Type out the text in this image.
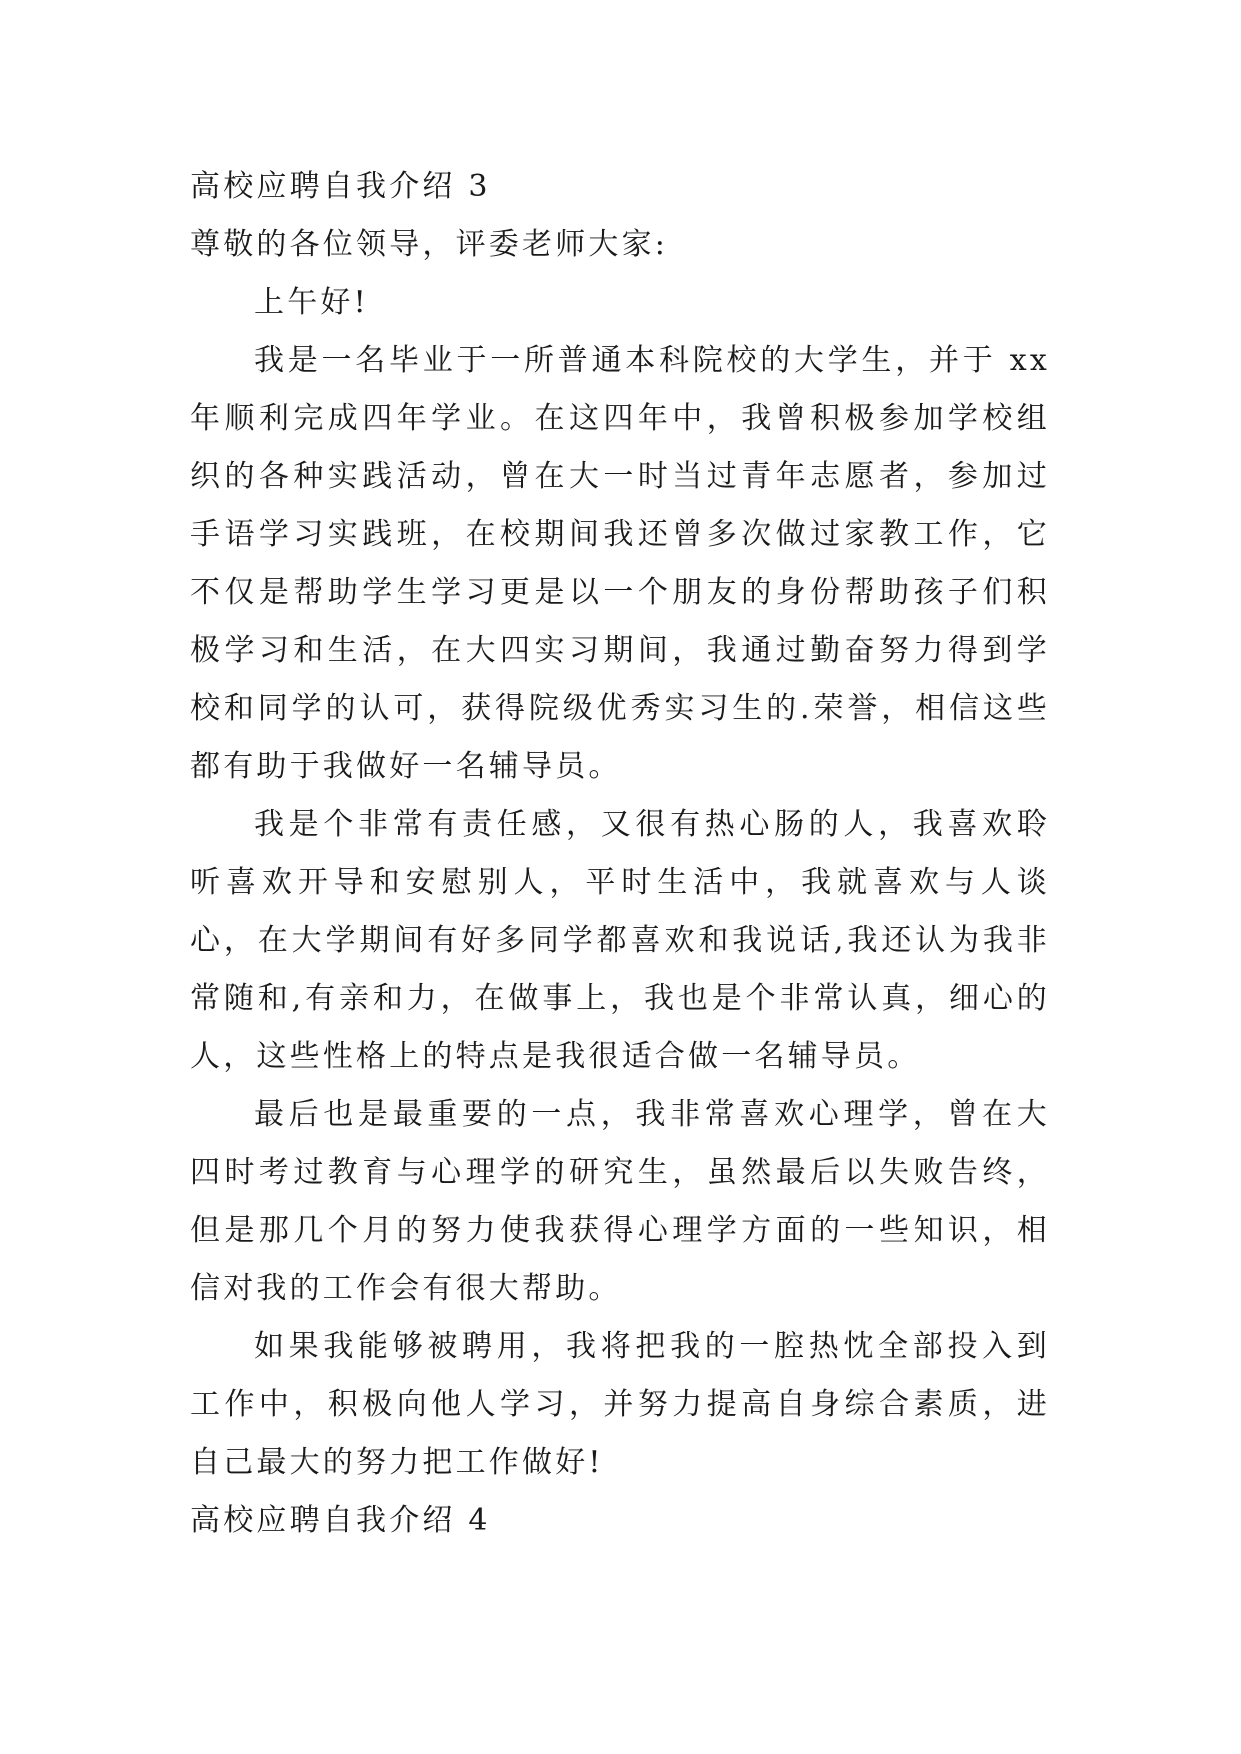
高校应聘自我介绍 3

尊敬的各位领导，评委老师大家:

上午好!

我是一名毕业于一所普通本科院校的大学生，并于 xx 年顺利完成四年学业。在这四年中，我曾积极参加学校组织的各种实践活动，曾在大一时当过青年志愿者，参加过手语学习实践班，在校期间我还曾多次做过家教工作，它不仅是帮助学生学习更是以一个朋友的身份帮助孩子们积极学习和生活，在大四实习期间，我通过勤奋努力得到学校和同学的认可，获得院级优秀实习生的.荣誉，相信这些都有助于我做好一名辅导员。

我是个非常有责任感，又很有热心肠的人，我喜欢聆听喜欢开导和安慰别人，平时生活中，我就喜欢与人谈心，在大学期间有好多同学都喜欢和我说话,我还认为我非常随和,有亲和力，在做事上，我也是个非常认真，细心的人，这些性格上的特点是我很适合做一名辅导员。

最后也是最重要的一点，我非常喜欢心理学，曾在大四时考过教育与心理学的研究生，虽然最后以失败告终，但是那几个月的努力使我获得心理学方面的一些知识，相信对我的工作会有很大帮助。

如果我能够被聘用，我将把我的一腔热忱全部投入到工作中，积极向他人学习，并努力提高自身综合素质，进自己最大的努力把工作做好!

高校应聘自我介绍 4
